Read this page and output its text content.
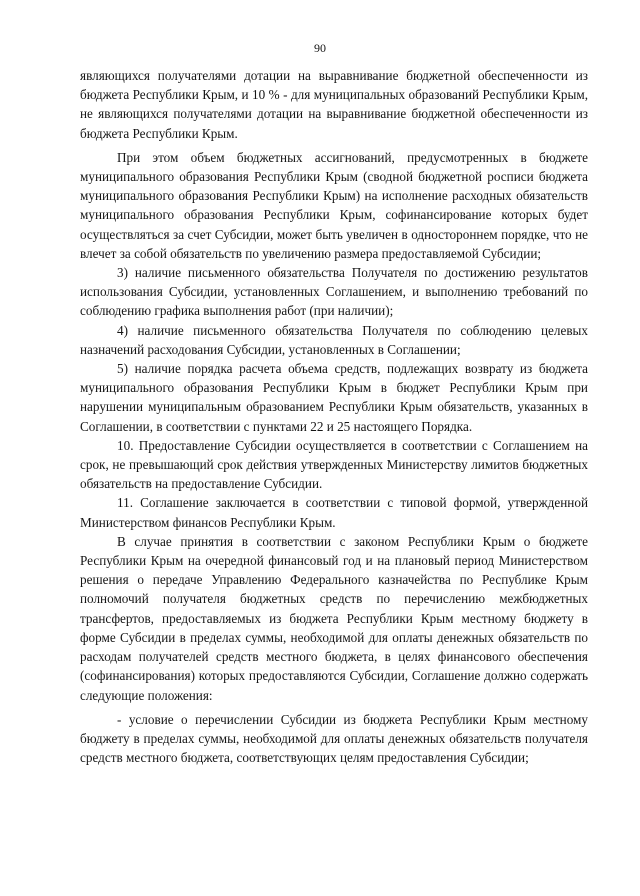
90

являющихся получателями дотации на выравнивание бюджетной обеспеченности из бюджета Республики Крым, и 10 % - для муниципальных образований Республики Крым, не являющихся получателями дотации на выравнивание бюджетной обеспеченности из бюджета Республики Крым.

При этом объем бюджетных ассигнований, предусмотренных в бюджете муниципального образования Республики Крым (сводной бюджетной росписи бюджета муниципального образования Республики Крым) на исполнение расходных обязательств муниципального образования Республики Крым, софинансирование которых будет осуществляться за счет Субсидии, может быть увеличен в одностороннем порядке, что не влечет за собой обязательств по увеличению размера предоставляемой Субсидии;

3) наличие письменного обязательства Получателя по достижению результатов использования Субсидии, установленных Соглашением, и выполнению требований по соблюдению графика выполнения работ (при наличии);

4) наличие письменного обязательства Получателя по соблюдению целевых назначений расходования Субсидии, установленных в Соглашении;

5) наличие порядка расчета объема средств, подлежащих возврату из бюджета муниципального образования Республики Крым в бюджет Республики Крым при нарушении муниципальным образованием Республики Крым обязательств, указанных в Соглашении, в соответствии с пунктами 22 и 25 настоящего Порядка.

10. Предоставление Субсидии осуществляется в соответствии с Соглашением на срок, не превышающий срок действия утвержденных Министерству лимитов бюджетных обязательств на предоставление Субсидии.

11. Соглашение заключается в соответствии с типовой формой, утвержденной Министерством финансов Республики Крым.

В случае принятия в соответствии с законом Республики Крым о бюджете Республики Крым на очередной финансовый год и на плановый период Министерством решения о передаче Управлению Федерального казначейства по Республике Крым полномочий получателя бюджетных средств по перечислению межбюджетных трансфертов, предоставляемых из бюджета Республики Крым местному бюджету в форме Субсидии в пределах суммы, необходимой для оплаты денежных обязательств по расходам получателей средств местного бюджета, в целях финансового обеспечения (софинансирования) которых предоставляются Субсидии, Соглашение должно содержать следующие положения:

- условие о перечислении Субсидии из бюджета Республики Крым местному бюджету в пределах суммы, необходимой для оплаты денежных обязательств получателя средств местного бюджета, соответствующих целям предоставления Субсидии;
